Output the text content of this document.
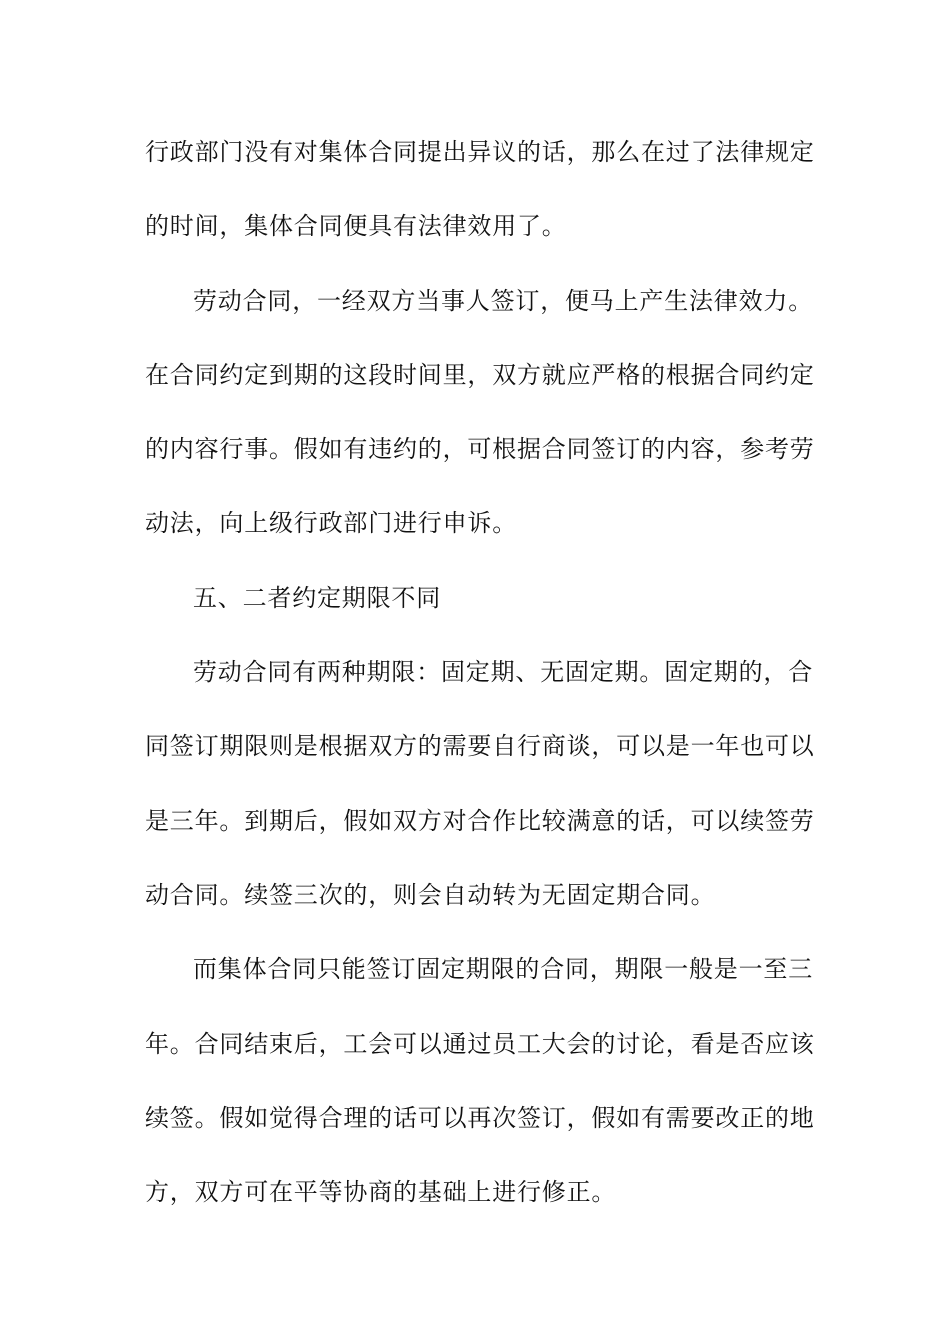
行政部门没有对集体合同提出异议的话，那么在过了法律规定
的时间，集体合同便具有法律效用了。
劳动合同，一经双方当事人签订，便马上产生法律效力。
在合同约定到期的这段时间里，双方就应严格的根据合同约定
的内容行事。假如有违约的，可根据合同签订的内容，参考劳
动法，向上级行政部门进行申诉。
五、二者约定期限不同
劳动合同有两种期限：固定期、无固定期。固定期的，合
同签订期限则是根据双方的需要自行商谈，可以是一年也可以
是三年。到期后，假如双方对合作比较满意的话，可以续签劳
动合同。续签三次的，则会自动转为无固定期合同。
而集体合同只能签订固定期限的合同，期限一般是一至三
年。合同结束后，工会可以通过员工大会的讨论，看是否应该
续签。假如觉得合理的话可以再次签订，假如有需要改正的地
方，双方可在平等协商的基础上进行修正。
